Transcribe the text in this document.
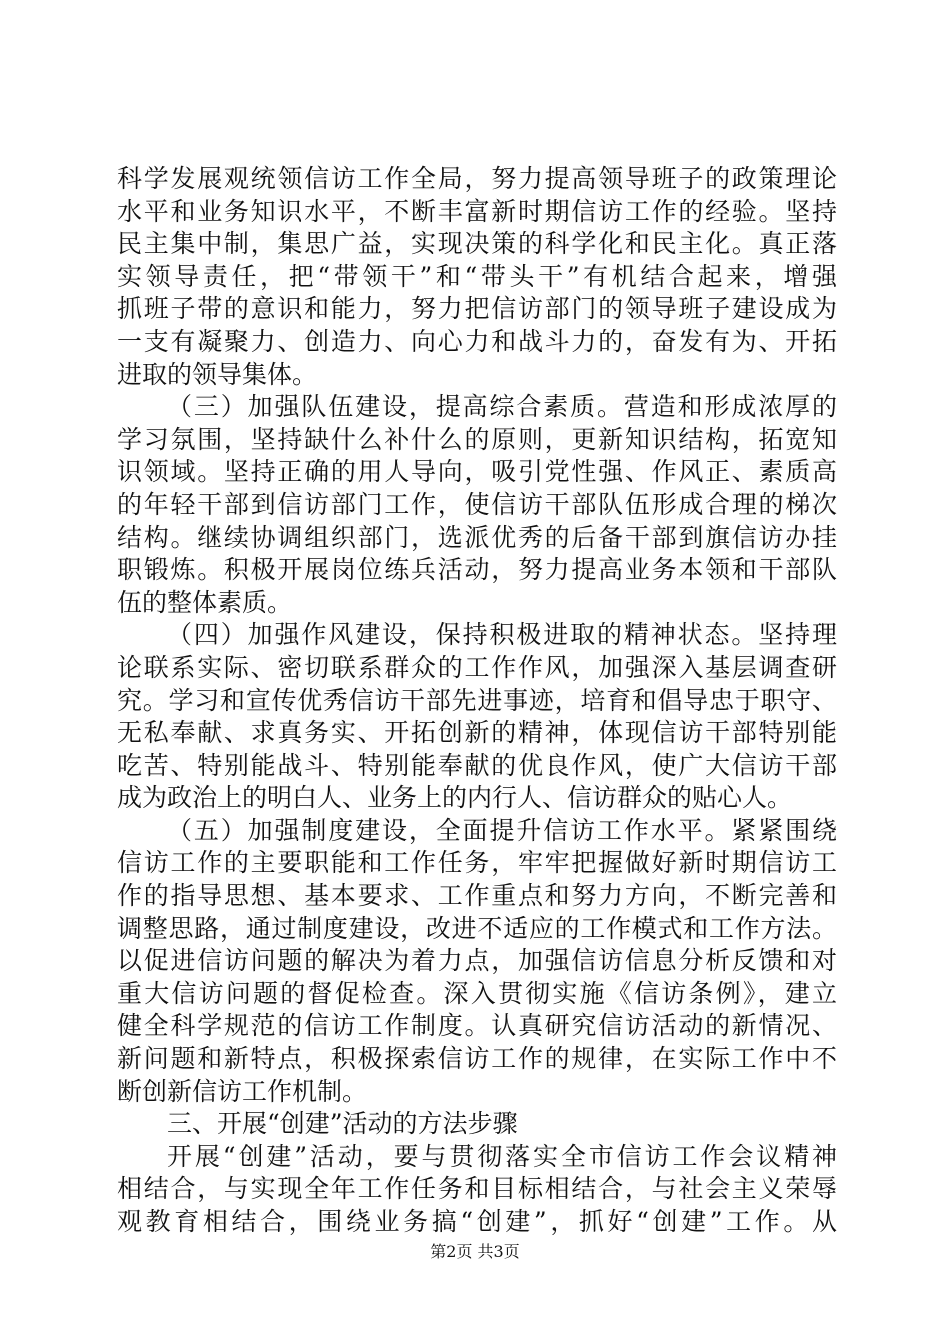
科学发展观统领信访工作全局，努力提高领导班子的政策理论
水平和业务知识水平，不断丰富新时期信访工作的经验。坚持
民主集中制，集思广益，实现决策的科学化和民主化。真正落
实领导责任，把“带领干”和“带头干”有机结合起来，增强
抓班子带的意识和能力，努力把信访部门的领导班子建设成为
一支有凝聚力、创造力、向心力和战斗力的，奋发有为、开拓
进取的领导集体。
（三）加强队伍建设，提高综合素质。营造和形成浓厚的
学习氛围，坚持缺什么补什么的原则，更新知识结构，拓宽知
识领域。坚持正确的用人导向，吸引党性强、作风正、素质高
的年轻干部到信访部门工作，使信访干部队伍形成合理的梯次
结构。继续协调组织部门，选派优秀的后备干部到旗信访办挂
职锻炼。积极开展岗位练兵活动，努力提高业务本领和干部队
伍的整体素质。
（四）加强作风建设，保持积极进取的精神状态。坚持理
论联系实际、密切联系群众的工作作风，加强深入基层调查研
究。学习和宣传优秀信访干部先进事迹，培育和倡导忠于职守、
无私奉献、求真务实、开拓创新的精神，体现信访干部特别能
吃苦、特别能战斗、特别能奉献的优良作风，使广大信访干部
成为政治上的明白人、业务上的内行人、信访群众的贴心人。
（五）加强制度建设，全面提升信访工作水平。紧紧围绕
信访工作的主要职能和工作任务，牢牢把握做好新时期信访工
作的指导思想、基本要求、工作重点和努力方向，不断完善和
调整思路，通过制度建设，改进不适应的工作模式和工作方法。
以促进信访问题的解决为着力点，加强信访信息分析反馈和对
重大信访问题的督促检查。深入贯彻实施《信访条例》，建立
健全科学规范的信访工作制度。认真研究信访活动的新情况、
新问题和新特点，积极探索信访工作的规律，在实际工作中不
断创新信访工作机制。
三、开展“创建”活动的方法步骤
开展“创建”活动，要与贯彻落实全市信访工作会议精神
相结合，与实现全年工作任务和目标相结合，与社会主义荣辱
观教育相结合，围绕业务搞“创建”，抓好“创建”工作。从
第2页 共3页
